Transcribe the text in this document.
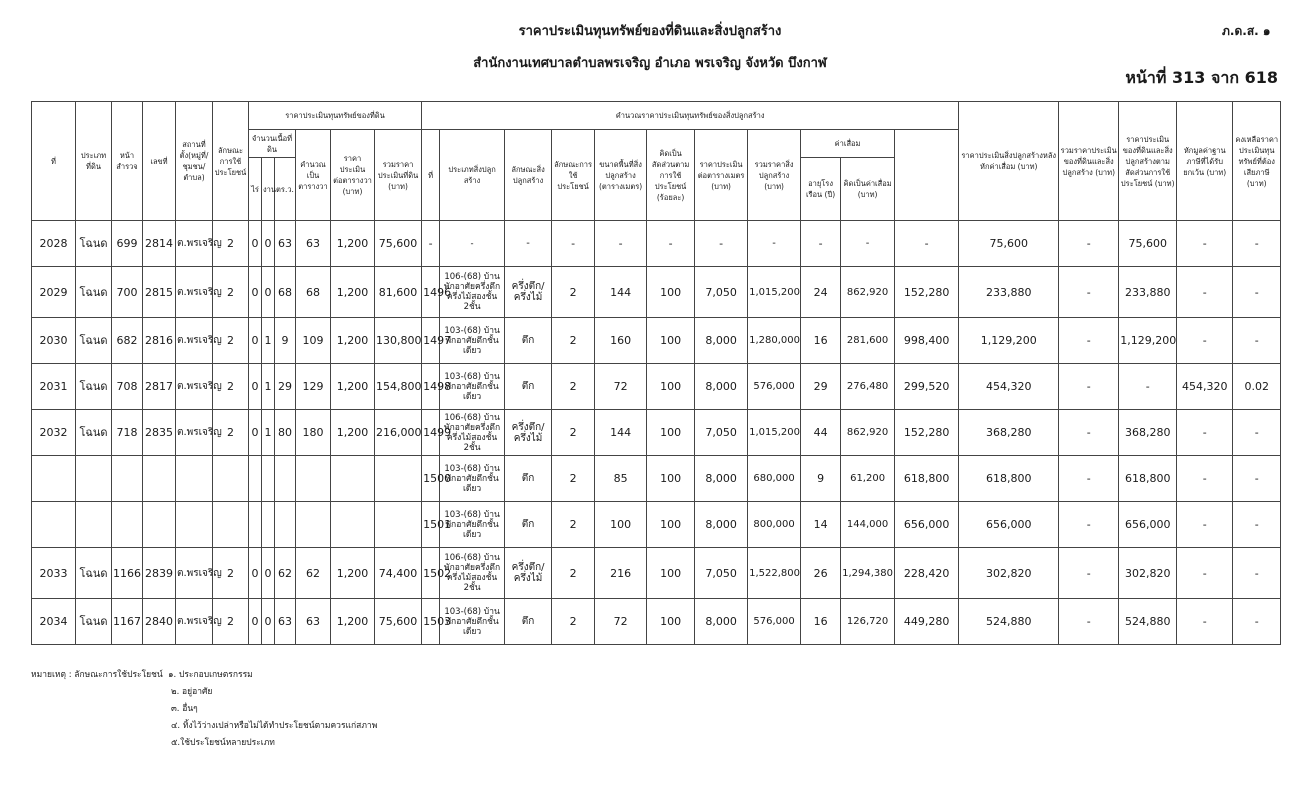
ราคาประเมินทุนทรัพย์ของที่ดินและสิ่งปลูกสร้าง
สำนักงานเทศบาลตำบลพรเจริญ อำเภอ พรเจริญ จังหวัด บึงกาฬ
ภ.ด.ส. ๑
หน้าที่ 313 จาก 618
ที่	ประเภทที่ดิน	หน้าสำรวจ	เลขที่	สถานที่ตั้ง(หมู่ที่/ชุมชน/ตำบล)	ลักษณะการใช้ประโยชน์	ราคาประเมินทุนทรัพย์ของที่ดิน						คำนวณราคาประเมินทุนทรัพย์ของสิ่งปลูกสร้าง											ราคาประเมินสิ่งปลูกสร้างหลังหักค่าเสื่อม (บาท)	รวมราคาประเมินของที่ดินและสิ่งปลูกสร้าง (บาท)	ราคาประเมินของที่ดินและสิ่งปลูกสร้างตามสัดส่วนการใช้ประโยชน์ (บาท)	หักมูลค่าฐานภาษีที่ได้รับยกเว้น (บาท)	คงเหลือราคาประเมินทุนทรัพย์ที่ต้องเสียภาษี (บาท)	
						จำนวนเนื้อที่ดิน			คำนวณเป็นตารางวา	ราคาประเมินต่อตารางวา (บาท)	รวมราคาประเมินที่ดิน (บาท)	ที่	ประเภทสิ่งปลูกสร้าง	ลักษณะสิ่งปลูกสร้าง	ลักษณะการใช้ประโยชน์	ขนาดพื้นที่สิ่งปลูกสร้าง (ตารางเมตร)	คิดเป็นสัดส่วนตามการใช้ประโยชน์ (ร้อยละ)	ราคาประเมินต่อตารางเมตร (บาท)	รวมราคาสิ่งปลูกสร้าง (บาท)	ค่าเสื่อม								
						ไร่	งาน	ตร.ว.												อายุโรงเรือน (ปี)	คิดเป็นค่าเสื่อม (บาท)							
2028	โฉนด	699	2814	ต.พรเจริญ	2	0	0	63	63	1,200	75,600	-	-	-	-	-	-	-	-	-	-	-	75,600	-	75,600	-	-	
2029	โฉนด	700	2815	ต.พรเจริญ	2	0	0	68	68	1,200	81,600	1496	106-(68) บ้านพักอาศัยครึ่งตึกครึ่งไม้สองชั้น 2ชั้น	ครึ่งตึก/ครึ่งไม้	2	144	100	7,050	1,015,200	24	862,920	152,280	233,880	-	233,880	-	-	
2030	โฉนด	682	2816	ต.พรเจริญ	2	0	1	9	109	1,200	130,800	1497	103-(68) บ้านพักอาศัยตึกชั้นเดียว	ตึก	2	160	100	8,000	1,280,000	16	281,600	998,400	1,129,200	-	1,129,200	-	-	
2031	โฉนด	708	2817	ต.พรเจริญ	2	0	1	29	129	1,200	154,800	1498	103-(68) บ้านพักอาศัยตึกชั้นเดียว	ตึก	2	72	100	8,000	576,000	29	276,480	299,520	454,320	-	-	454,320	0.02	
2032	โฉนด	718	2835	ต.พรเจริญ	2	0	1	80	180	1,200	216,000	1499	106-(68) บ้านพักอาศัยครึ่งตึกครึ่งไม้สองชั้น 2ชั้น	ครึ่งตึก/ครึ่งไม้	2	144	100	7,050	1,015,200	44	862,920	152,280	368,280	-	368,280	-	-	
												1500	103-(68) บ้านพักอาศัยตึกชั้นเดียว	ตึก	2	85	100	8,000	680,000	9	61,200	618,800	618,800	-	618,800	-	-	
												1501	103-(68) บ้านพักอาศัยตึกชั้นเดียว	ตึก	2	100	100	8,000	800,000	14	144,000	656,000	656,000	-	656,000	-	-	
2033	โฉนด	1166	2839	ต.พรเจริญ	2	0	0	62	62	1,200	74,400	1502	106-(68) บ้านพักอาศัยครึ่งตึกครึ่งไม้สองชั้น 2ชั้น	ครึ่งตึก/ครึ่งไม้	2	216	100	7,050	1,522,800	26	1,294,380	228,420	302,820	-	302,820	-	-	
2034	โฉนด	1167	2840	ต.พรเจริญ	2	0	0	63	63	1,200	75,600	1503	103-(68) บ้านพักอาศัยตึกชั้นเดียว	ตึก	2	72	100	8,000	576,000	16	126,720	449,280	524,880	-	524,880	-	-	
หมายเหตุ : ลักษณะการใช้ประโยชน์
๑. ประกอบเกษตรกรรม
๒. อยู่อาศัย
๓. อื่นๆ
๔. ทิ้งไว้ว่างเปล่าหรือไม่ได้ทำประโยชน์ตามควรแก่สภาพ
๕.ใช้ประโยชน์หลายประเภท
